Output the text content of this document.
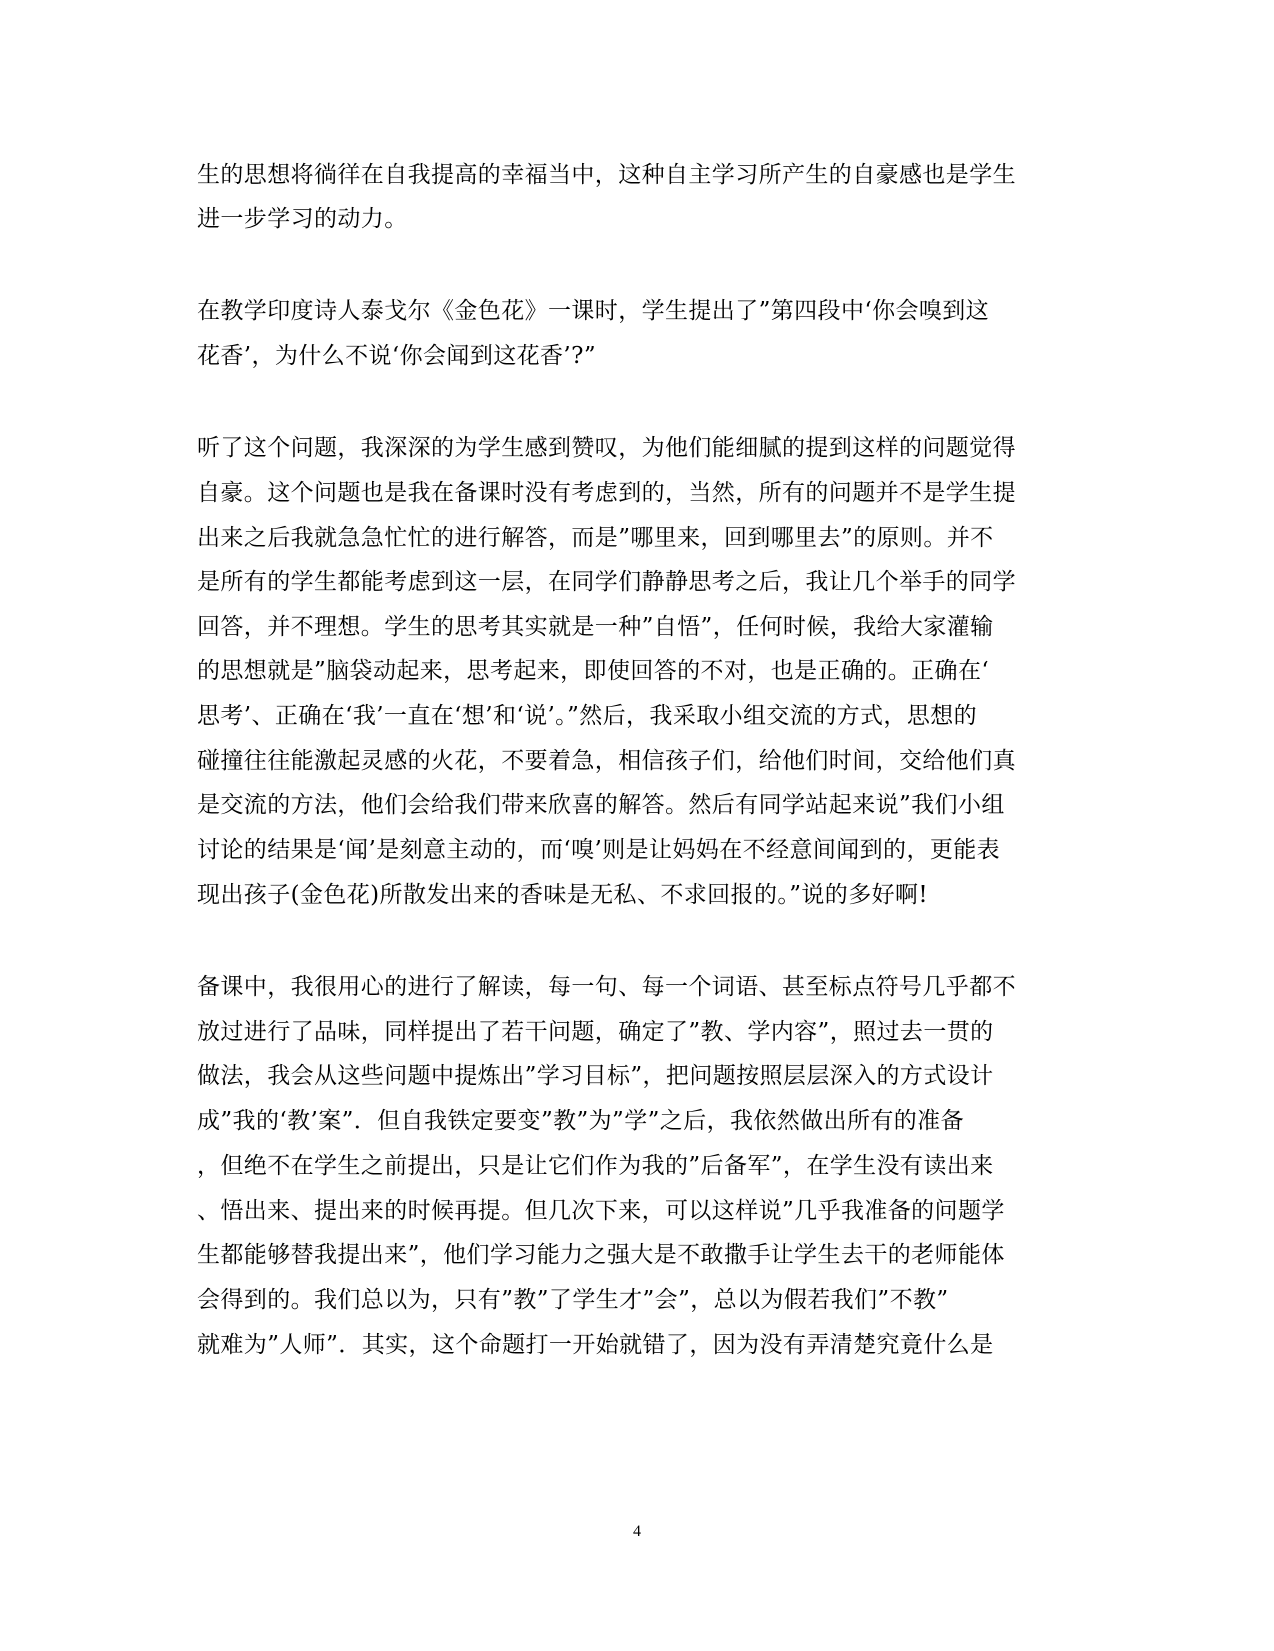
生的思想将徜徉在自我提高的幸福当中，这种自主学习所产生的自豪感也是学生
进一步学习的动力。
在教学印度诗人泰戈尔《金色花》一课时，学生提出了”第四段中‘你会嗅到这
花香’，为什么不说‘你会闻到这花香’?”
听了这个问题，我深深的为学生感到赞叹，为他们能细腻的提到这样的问题觉得
自豪。这个问题也是我在备课时没有考虑到的，当然，所有的问题并不是学生提
出来之后我就急急忙忙的进行解答，而是”哪里来，回到哪里去”的原则。并不
是所有的学生都能考虑到这一层，在同学们静静思考之后，我让几个举手的同学
回答，并不理想。学生的思考其实就是一种”自悟”，任何时候，我给大家灌输
的思想就是”脑袋动起来，思考起来，即使回答的不对，也是正确的。正确在‘
思考’、正确在‘我’一直在‘想’和‘说’。”然后，我采取小组交流的方式，思想的
碰撞往往能激起灵感的火花，不要着急，相信孩子们，给他们时间，交给他们真
是交流的方法，他们会给我们带来欣喜的解答。然后有同学站起来说”我们小组
讨论的结果是‘闻’是刻意主动的，而‘嗅’则是让妈妈在不经意间闻到的，更能表
现出孩子(金色花)所散发出来的香味是无私、不求回报的。”说的多好啊!
备课中，我很用心的进行了解读，每一句、每一个词语、甚至标点符号几乎都不
放过进行了品味，同样提出了若干问题，确定了”教、学内容”，照过去一贯的
做法，我会从这些问题中提炼出”学习目标”，把问题按照层层深入的方式设计
成”我的‘教’案”．但自我铁定要变”教”为”学”之后，我依然做出所有的准备
，但绝不在学生之前提出，只是让它们作为我的”后备军”，在学生没有读出来
、悟出来、提出来的时候再提。但几次下来，可以这样说”几乎我准备的问题学
生都能够替我提出来”，他们学习能力之强大是不敢撒手让学生去干的老师能体
会得到的。我们总以为，只有”教”了学生才”会”，总以为假若我们”不教”
就难为”人师”．其实，这个命题打一开始就错了，因为没有弄清楚究竟什么是
4
